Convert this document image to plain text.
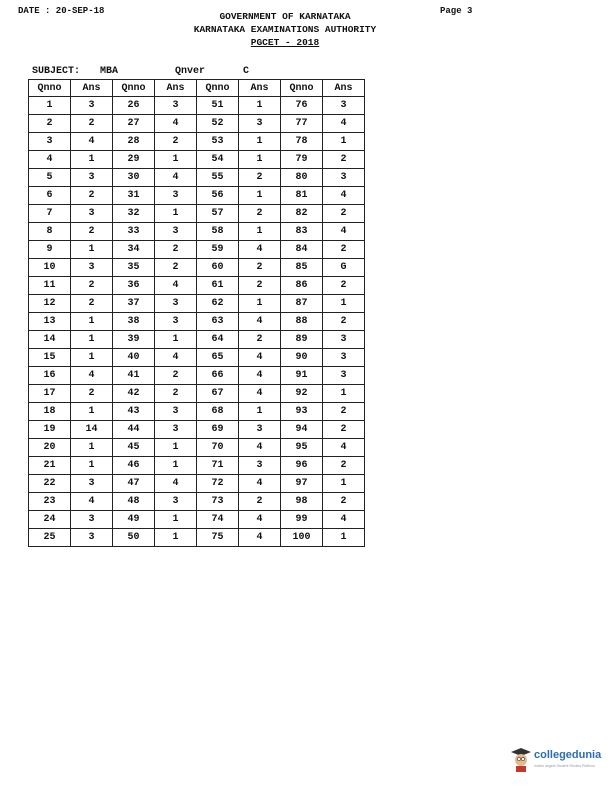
DATE : 20-SEP-18	Page 3
GOVERNMENT OF KARNATAKA
KARNATAKA EXAMINATIONS AUTHORITY
PGCET - 2018
SUBJECT: MBA	Qnver	C
Qnno	Ans	Qnno	Ans	Qnno	Ans	Qnno	Ans
1	3	26	3	51	1	76	3
2	2	27	4	52	3	77	4
3	4	28	2	53	1	78	1
4	1	29	1	54	1	79	2
5	3	30	4	55	2	80	3
6	2	31	3	56	1	81	4
7	3	32	1	57	2	82	2
8	2	33	3	58	1	83	4
9	1	34	2	59	4	84	2
10	3	35	2	60	2	85	G
11	2	36	4	61	2	86	2
12	2	37	3	62	1	87	1
13	1	38	3	63	4	88	2
14	1	39	1	64	2	89	3
15	1	40	4	65	4	90	3
16	4	41	2	66	4	91	3
17	2	42	2	67	4	92	1
18	1	43	3	68	1	93	2
19	14	44	3	69	3	94	2
20	1	45	1	70	4	95	4
21	1	46	1	71	3	96	2
22	3	47	4	72	4	97	1
23	4	48	3	73	2	98	2
24	3	49	1	74	4	99	4
25	3	50	1	75	4	100	1
collegedunia
India's largest Student Review Platform
